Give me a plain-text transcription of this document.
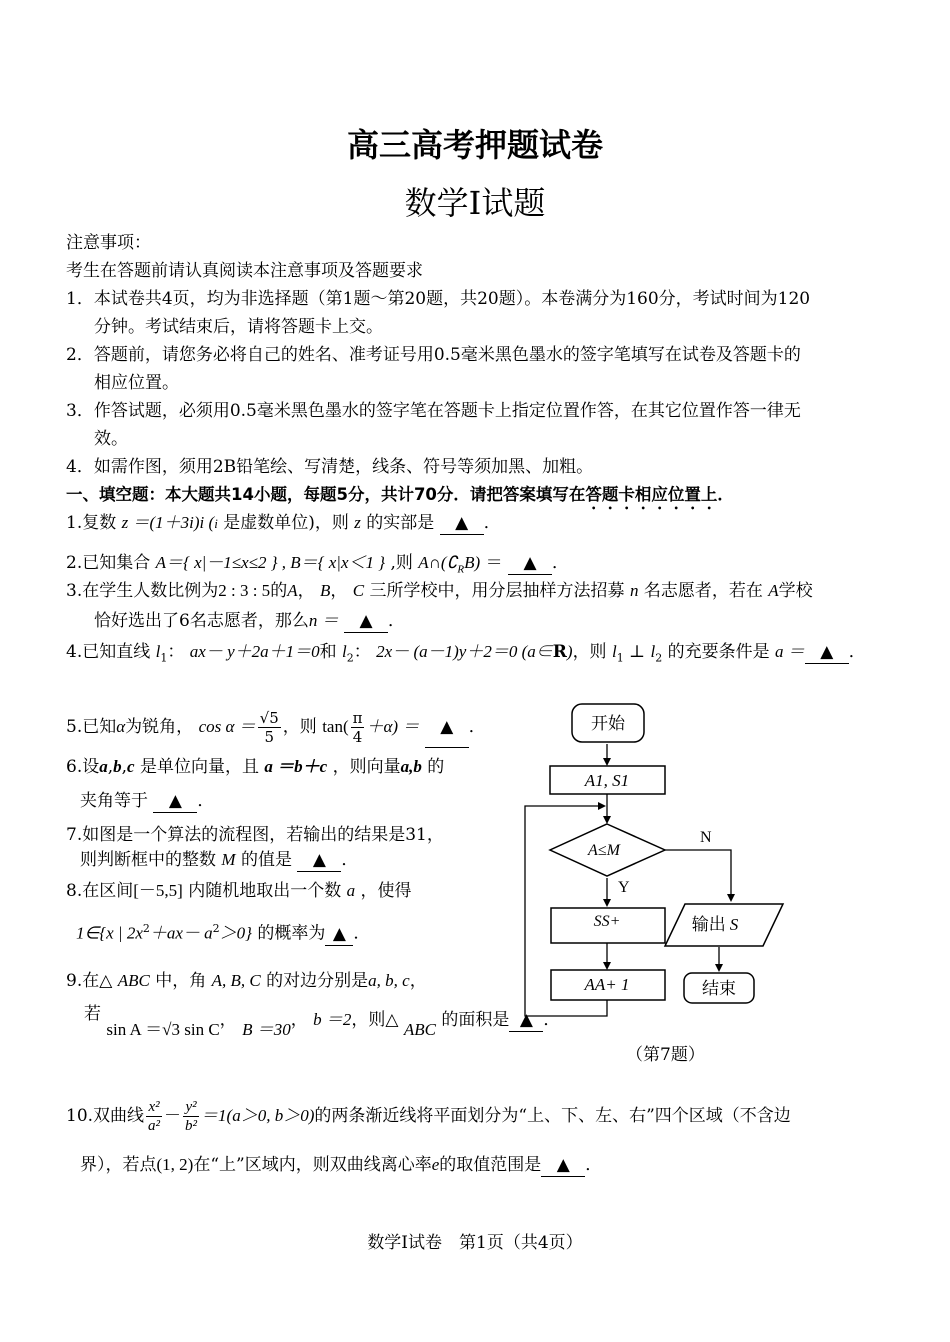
高三高考押题试卷
数学Ⅰ试题
注意事项：
考生在答题前请认真阅读本注意事项及答题要求
1．本试卷共4页，均为非选择题（第1题～第20题，共20题）。本卷满分为160分，考试时间为120
分钟。考试结束后，请将答题卡上交。
2．答题前，请您务必将自己的姓名、准考证号用0.5毫米黑色墨水的签字笔填写在试卷及答题卡的
相应位置。
3．作答试题，必须用0.5毫米黑色墨水的签字笔在答题卡上指定位置作答，在其它位置作答一律无
效。
4．如需作图，须用2B铅笔绘、写清楚，线条、符号等须加黑、加粗。
一、填空题：本大题共14小题，每题5分，共计70分．请把答案填写在答题卡相应位置上．
1.复数 z ＝(1＋3i)i (i 是虚数单位)，则 z 的实部是 ▲ ．
2.已知集合 A＝{ x|－1≤x≤2 } , B＝{ x|x＜1 } ,则 $A\cap(∁_RB)$ ＝ ▲ ．
3.在学生人数比例为2 : 3 : 5的A， B， C 三所学校中，用分层抽样方法招募 n 名志愿者，若在 A学校
恰好选出了6名志愿者，那么n ＝ ▲ ．
4.已知直线 $l_1$： ax－ y＋2a＋1＝0和 $l_2$： 2x－ (a－1)y＋2＝0 (a∈R)，则 $l_1$ ⊥ $l_2$ 的充要条件是 a ＝ ▲ ．
5.已知α为锐角， $\cos \alpha = \frac{√5}{5}$ ，则 $\tan( \frac{\pi}{4} +\alpha)$ ＝ ▲ ．
6.设a,b,c 是单位向量，且 a ＝b＋c ，则向量a,b 的
夹角等于 ▲ ．
7.如图是一个算法的流程图，若输出的结果是31，
则判断框中的整数 M 的值是 ▲ ．
8.在区间[－5,5] 内随机地取出一个数 a ，使得
1∈{x | $2x^2+ax- a^2>0$} 的概率为 ▲ ．
9.在△ ABC 中，角 A, B, C 的对边分别是a, b, c，
若 sin A ＝√3 sin C， B ＝30， b ＝2，则△ ABC 的面积是 ▲ ．
开始
A1, S1
A≤M
N
Y
SS+
AA+ 1
输出 S
结束
（第7题）
10.双曲线 $\frac{\text{x²}}{\text{a²}} - \frac{\text{y²}}{\text{b²}} =1(a>0$, b＞0)的两条渐近线将平面划分为“上、下、左、右”四个区域（不含边
界），若点(1, 2)在“上”区域内，则双曲线离心率e的取值范围是 ▲ ．
数学Ⅰ试卷　第1页（共4页）
